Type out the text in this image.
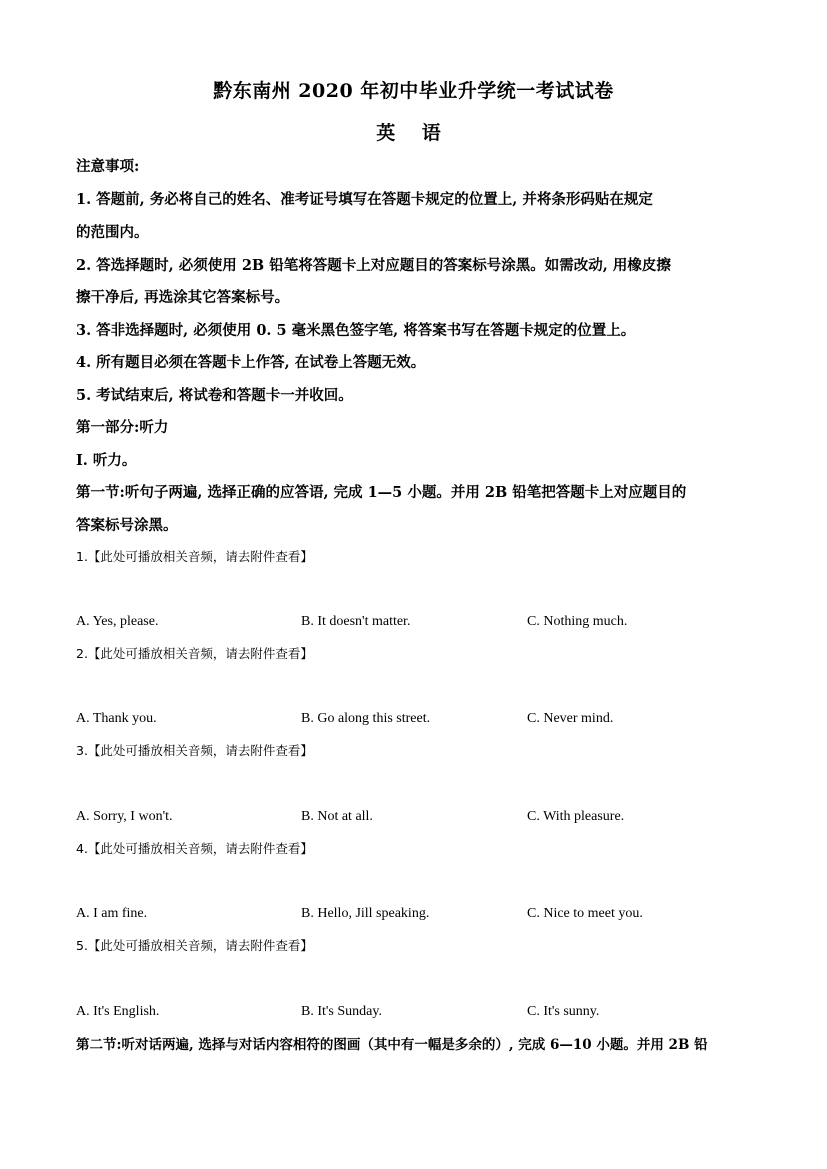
黔东南州 2020 年初中毕业升学统一考试试卷
英 语
注意事项:
1. 答题前, 务必将自己的姓名、准考证号填写在答题卡规定的位置上, 并将条形码贴在规定
的范围内。
2. 答选择题时, 必须使用 2B 铅笔将答题卡上对应题目的答案标号涂黑。如需改动, 用橡皮擦
擦干净后, 再选涂其它答案标号。
3. 答非选择题时, 必须使用 0. 5 毫米黑色签字笔, 将答案书写在答题卡规定的位置上。
4. 所有题目必须在答题卡上作答, 在试卷上答题无效。
5. 考试结束后, 将试卷和答题卡一并收回。
第一部分:听力
I. 听力。
第一节:听句子两遍, 选择正确的应答语, 完成 1—5 小题。并用 2B 铅笔把答题卡上对应题目的
答案标号涂黑。
1.【此处可播放相关音频，请去附件查看】
A. Yes, please.	B. It doesn't matter.	C. Nothing much.
2.【此处可播放相关音频，请去附件查看】
A. Thank you.	B. Go along this street.	C. Never mind.
3.【此处可播放相关音频，请去附件查看】
A. Sorry, I won't.	B. Not at all.	C. With pleasure.
4.【此处可播放相关音频，请去附件查看】
A. I am fine.	B. Hello, Jill speaking.	C. Nice to meet you.
5.【此处可播放相关音频，请去附件查看】
A. It's English.	B. It's Sunday.	C. It's sunny.
第二节:听对话两遍, 选择与对话内容相符的图画（其中有一幅是多余的）, 完成 6—10 小题。并用 2B 铅
